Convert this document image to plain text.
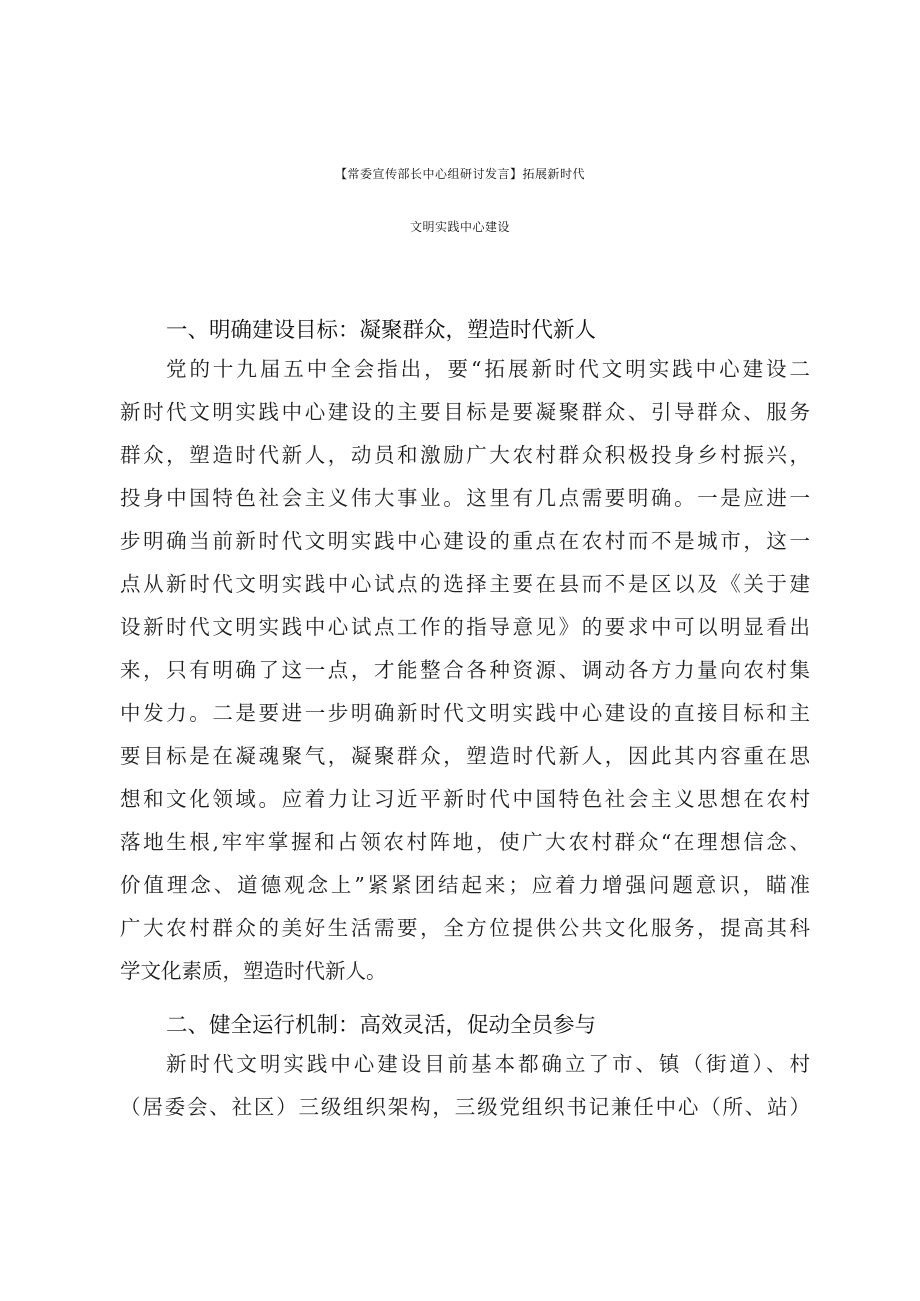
【常委宣传部长中心组研讨发言】拓展新时代
文明实践中心建设
一、明确建设目标：凝聚群众，塑造时代新人
党的十九届五中全会指出，要“拓展新时代文明实践中心建设二
新时代文明实践中心建设的主要目标是要凝聚群众、引导群众、服务
群众，塑造时代新人，动员和激励广大农村群众积极投身乡村振兴，
投身中国特色社会主义伟大事业。这里有几点需要明确。一是应进一
步明确当前新时代文明实践中心建设的重点在农村而不是城市，这一
点从新时代文明实践中心试点的选择主要在县而不是区以及《关于建
设新时代文明实践中心试点工作的指导意见》的要求中可以明显看出
来，只有明确了这一点，才能整合各种资源、调动各方力量向农村集
中发力。二是要进一步明确新时代文明实践中心建设的直接目标和主
要目标是在凝魂聚气，凝聚群众，塑造时代新人，因此其内容重在思
想和文化领域。应着力让习近平新时代中国特色社会主义思想在农村
落地生根,牢牢掌握和占领农村阵地，使广大农村群众“在理想信念、
价值理念、道德观念上”紧紧团结起来；应着力增强问题意识，瞄准
广大农村群众的美好生活需要，全方位提供公共文化服务，提高其科
学文化素质，塑造时代新人。
二、健全运行机制：高效灵活，促动全员参与
新时代文明实践中心建设目前基本都确立了市、镇（街道）、村
（居委会、社区）三级组织架构，三级党组织书记兼任中心（所、站）
